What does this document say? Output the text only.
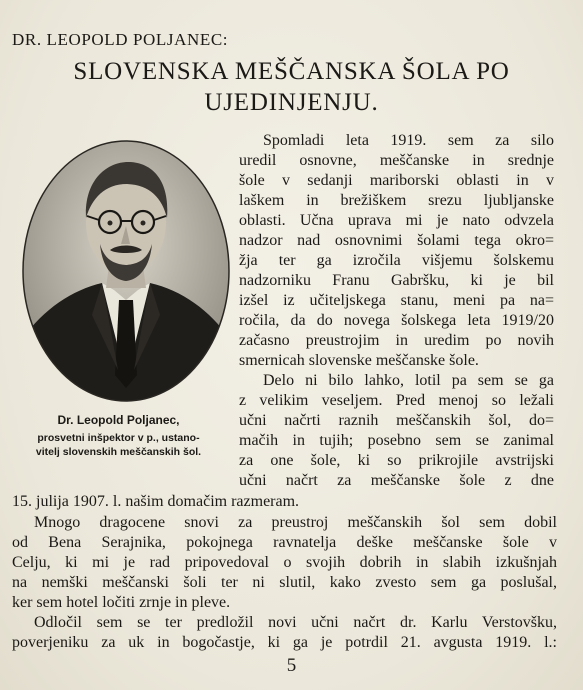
DR. LEOPOLD POLJANEC:
SLOVENSKA MEŠČANSKA ŠOLA PO
UJEDINJENJU.
Dr. Leopold Poljanec,
prosvetni inšpektor v p., ustano-
vitelj slovenskih meščanskih šol.
Spomladi leta 1919. sem za silo
uredil osnovne, meščanske in srednje
šole v sedanji mariborski oblasti in v
laškem in brežiškem srezu ljubljanske
oblasti. Učna uprava mi je nato odvzela
nadzor nad osnovnimi šolami tega okro=
žja ter ga izročila višjemu šolskemu
nadzorniku Franu Gabršku, ki je bil
izšel iz učiteljskega stanu, meni pa na=
ročila, da do novega šolskega leta 1919/20
začasno preustrojim in uredim po novih
smernicah slovenske meščanske šole.
Delo ni bilo lahko, lotil pa sem se ga
z velikim veseljem. Pred menoj so ležali
učni načrti raznih meščanskih šol, do=
mačih in tujih; posebno sem se zanimal
za one šole, ki so prikrojile avstrijski
učni načrt za meščanske šole z dne
15. julija 1907. l. našim domačim razmeram.
Mnogo dragocene snovi za preustroj meščanskih šol sem dobil
od Bena Serajnika, pokojnega ravnatelja deške meščanske šole v
Celju, ki mi je rad pripovedoval o svojih dobrih in slabih izkušnjah
na nemški meščanski šoli ter ni slutil, kako zvesto sem ga poslušal,
ker sem hotel ločiti zrnje in pleve.
Odločil sem se ter predložil novi učni načrt dr. Karlu Verstovšku,
poverjeniku za uk in bogočastje, ki ga je potrdil 21. avgusta 1919. l.:
5
